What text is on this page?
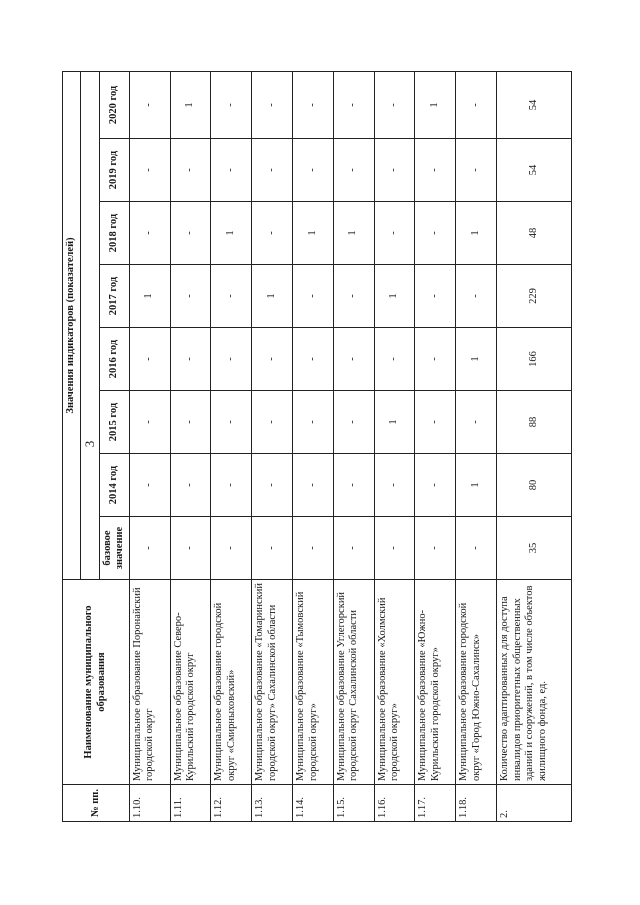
3
№ пп.	Наименование муниципального образования	Значения индикаторов (показателей)							

		базовое значение	2014 год	2015 год	2016 год	2017 год	2018 год	2019 год	2020 год
1.10.	Муниципальное образование Поронайский городской округ	-	-	-	-	1	-	-	-
1.11.	Муниципальное образование Северо-Курильский городской округ	-	-	-	-	-	-	-	1
1.12.	Муниципальное образование городской округ «Смирныховский»	-	-	-	-	-	1	-	-
1.13.	Муниципальное образование «Томаринский городской округ» Сахалинской области	-	-	-	-	1	-	-	-
1.14.	Муниципальное образование «Тымовский городской округ»	-	-	-	-	-	1	-	-
1.15.	Муниципальное образование Углегорский городской округ Сахалинской области	-	-	-	-	-	1	-	-
1.16.	Муниципальное образование «Холмский городской округ»	-	-	1	-	1	-	-	-
1.17.	Муниципальное образование «Южно-Курильский городской округ»	-	-	-	-	-	-	-	1
1.18.	Муниципальное образование городской округ «Город Южно-Сахалинск»	-	1	-	1	-	1	-	-
2.	Количество адаптированных для доступа инвалидов приоритетных общественных зданий и сооружений, в том числе объектов жилищного фонда, ед.	35	80	88	166	229	48	54	54
